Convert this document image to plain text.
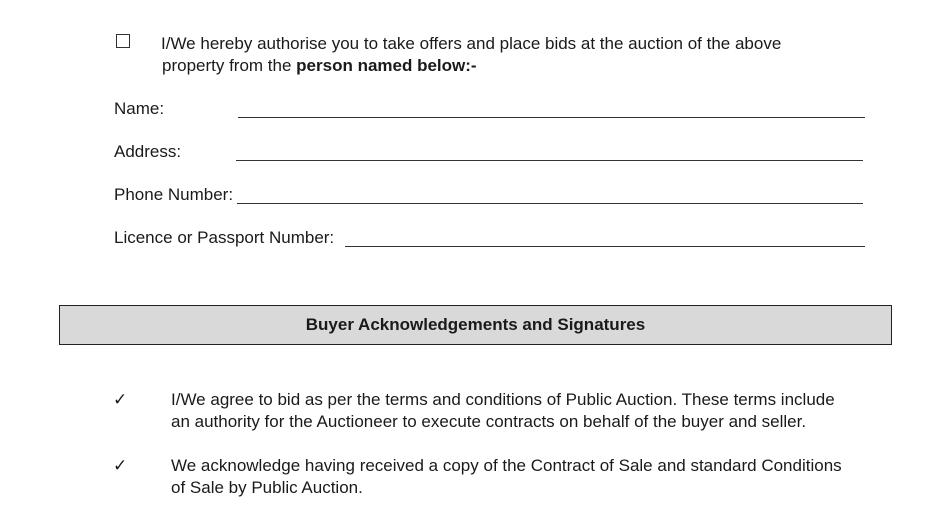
I/We hereby authorise you to take offers and place bids at the auction of the above
property from the person named below:-
Name:
Address:
Phone Number:
Licence or Passport Number:
Buyer Acknowledgements and Signatures
✓	I/We agree to bid as per the terms and conditions of Public Auction. These terms include
an authority for the Auctioneer to execute contracts on behalf of the buyer and seller.
✓	We acknowledge having received a copy of the Contract of Sale and standard Conditions
of Sale by Public Auction.
